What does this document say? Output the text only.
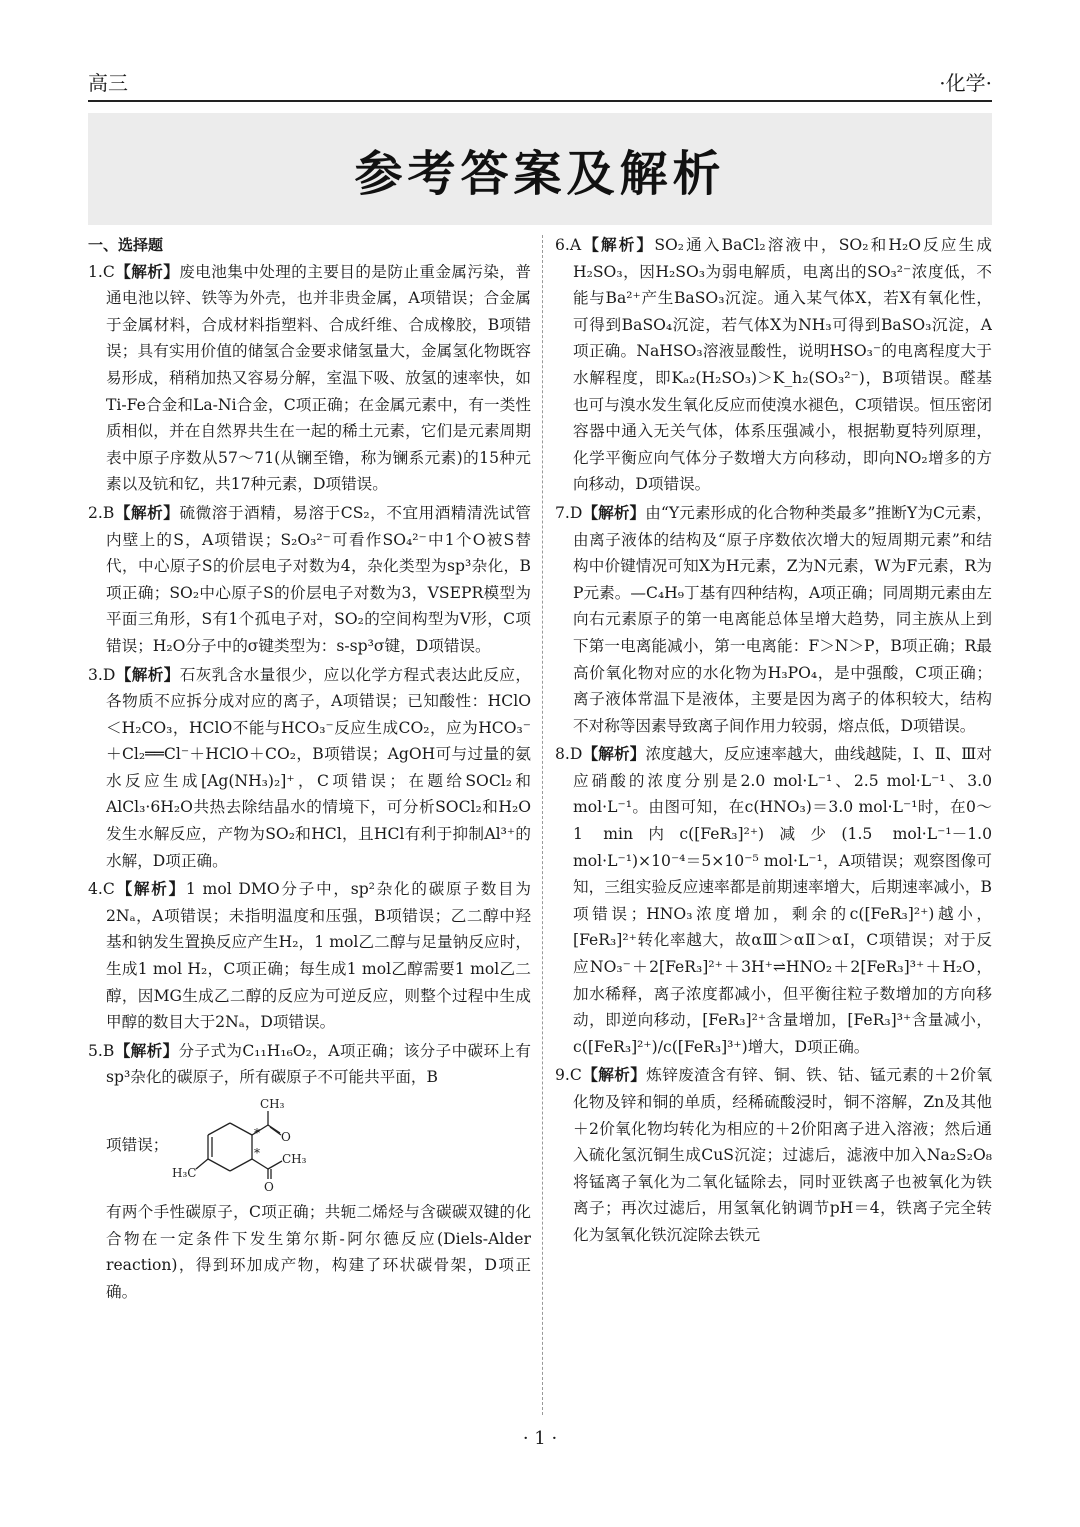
高三	·化学·
参考答案及解析
一、选择题
1.C【解析】废电池集中处理的主要目的是防止重金属污染，普通电池以锌、铁等为外壳，也并非贵金属，A项错误；合金属于金属材料，合成材料指塑料、合成纤维、合成橡胶，B项错误；具有实用价值的储氢合金要求储氢量大，金属氢化物既容易形成，稍稍加热又容易分解，室温下吸、放氢的速率快，如Ti-Fe合金和La-Ni合金，C项正确；在金属元素中，有一类性质相似，并在自然界共生在一起的稀土元素，它们是元素周期表中原子序数从57～71(从镧至镥，称为镧系元素)的15种元素以及钪和钇，共17种元素，D项错误。
2.B【解析】硫微溶于酒精，易溶于CS₂，不宜用酒精清洗试管内壁上的S，A项错误；S₂O₃²⁻可看作SO₄²⁻中1个O被S替代，中心原子S的价层电子对数为4，杂化类型为sp³杂化，B项正确；SO₂中心原子S的价层电子对数为3，VSEPR模型为平面三角形，S有1个孤电子对，SO₂的空间构型为V形，C项错误；H₂O分子中的σ键类型为：s-sp³σ键，D项错误。
3.D【解析】石灰乳含水量很少，应以化学方程式表达此反应，各物质不应拆分成对应的离子，A项错误；已知酸性：HClO＜H₂CO₃，HClO不能与HCO₃⁻反应生成CO₂，应为HCO₃⁻＋Cl₂══Cl⁻＋HClO＋CO₂，B项错误；AgOH可与过量的氨水反应生成[Ag(NH₃)₂]⁺，C项错误；在题给SOCl₂和AlCl₃·6H₂O共热去除结晶水的情境下，可分析SOCl₂和H₂O发生水解反应，产物为SO₂和HCl，且HCl有利于抑制Al³⁺的水解，D项正确。
4.C【解析】1 mol DMO分子中，sp²杂化的碳原子数目为2Nₐ，A项错误；未指明温度和压强，B项错误；乙二醇中羟基和钠发生置换反应产生H₂，1 mol乙二醇与足量钠反应时，生成1 mol H₂，C项正确；每生成1 mol乙醇需要1 mol乙二醇，因MG生成乙二醇的反应为可逆反应，则整个过程中生成甲醇的数目大于2Nₐ，D项错误。
5.B【解析】分子式为C₁₁H₁₆O₂，A项正确；该分子中碳环上有sp³杂化的碳原子，所有碳原子不可能共平面，B
项错误；
CH₃
O
CH₃
O
H₃C
*
*
有两个手性碳原子，C项正确；共轭二烯烃与含碳碳双键的化合物在一定条件下发生第尔斯-阿尔德反应(Diels-Alder reaction)，得到环加成产物，构建了环状碳骨架，D项正确。
6.A【解析】SO₂通入BaCl₂溶液中，SO₂和H₂O反应生成H₂SO₃，因H₂SO₃为弱电解质，电离出的SO₃²⁻浓度低，不能与Ba²⁺产生BaSO₃沉淀。通入某气体X，若X有氧化性，可得到BaSO₄沉淀，若气体X为NH₃可得到BaSO₃沉淀，A项正确。NaHSO₃溶液显酸性，说明HSO₃⁻的电离程度大于水解程度，即Kₐ₂(H₂SO₃)＞K_h₂(SO₃²⁻)，B项错误。醛基也可与溴水发生氧化反应而使溴水褪色，C项错误。恒压密闭容器中通入无关气体，体系压强减小，根据勒夏特列原理，化学平衡应向气体分子数增大方向移动，即向NO₂增多的方向移动，D项错误。
7.D【解析】由“Y元素形成的化合物种类最多”推断Y为C元素，由离子液体的结构及“原子序数依次增大的短周期元素”和结构中价键情况可知X为H元素，Z为N元素，W为F元素，R为P元素。—C₄H₉丁基有四种结构，A项正确；同周期元素由左向右元素原子的第一电离能总体呈增大趋势，同主族从上到下第一电离能减小，第一电离能：F＞N＞P，B项正确；R最高价氧化物对应的水化物为H₃PO₄，是中强酸，C项正确；离子液体常温下是液体，主要是因为离子的体积较大，结构不对称等因素导致离子间作用力较弱，熔点低，D项错误。
8.D【解析】浓度越大，反应速率越大，曲线越陡，Ⅰ、Ⅱ、Ⅲ对应硝酸的浓度分别是2.0 mol·L⁻¹、2.5 mol·L⁻¹、3.0 mol·L⁻¹。由图可知，在c(HNO₃)＝3.0 mol·L⁻¹时，在0～1 min内c([FeR₃]²⁺)减少(1.5 mol·L⁻¹－1.0 mol·L⁻¹)×10⁻⁴＝5×10⁻⁵ mol·L⁻¹，A项错误；观察图像可知，三组实验反应速率都是前期速率增大，后期速率减小，B项错误；HNO₃浓度增加，剩余的c([FeR₃]²⁺)越小，[FeR₃]²⁺转化率越大，故αⅢ＞αⅡ＞αⅠ，C项错误；对于反应NO₃⁻＋2[FeR₃]²⁺＋3H⁺⇌HNO₂＋2[FeR₃]³⁺＋H₂O，加水稀释，离子浓度都减小，但平衡往粒子数增加的方向移动，即逆向移动，[FeR₃]²⁺含量增加，[FeR₃]³⁺含量减小，c([FeR₃]²⁺)/c([FeR₃]³⁺)增大，D项正确。
9.C【解析】炼锌废渣含有锌、铜、铁、钴、锰元素的＋2价氧化物及锌和铜的单质，经稀硫酸浸时，铜不溶解，Zn及其他＋2价氧化物均转化为相应的＋2价阳离子进入溶液；然后通入硫化氢沉铜生成CuS沉淀；过滤后，滤液中加入Na₂S₂O₈将锰离子氧化为二氧化锰除去，同时亚铁离子也被氧化为铁离子；再次过滤后，用氢氧化钠调节pH＝4，铁离子完全转化为氢氧化铁沉淀除去铁元
· 1 ·
